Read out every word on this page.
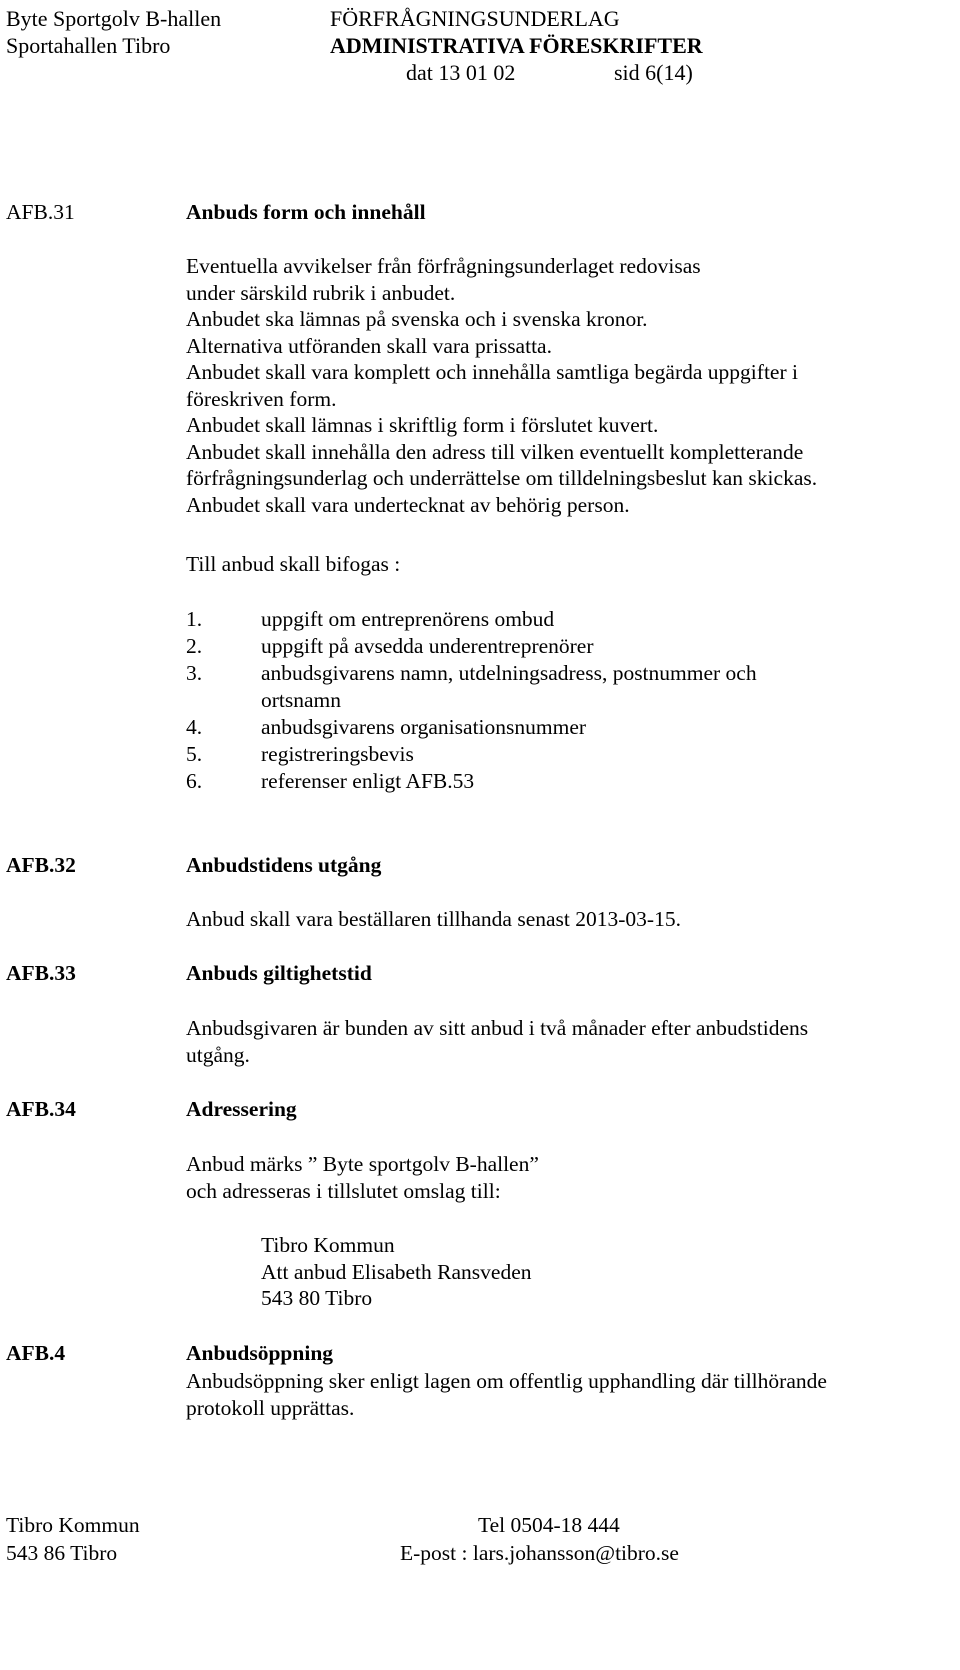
Byte Sportgolv B-hallen
Sportahallen Tibro
FÖRFRÅGNINGSUNDERLAG
ADMINISTRATIVA FÖRESKRIFTER
dat 13 01 02	sid 6(14)
AFB.31	Anbuds form och innehåll
Eventuella avvikelser från förfrågningsunderlaget redovisas
under särskild rubrik i anbudet.
Anbudet ska lämnas på svenska och i svenska kronor.
Alternativa utföranden skall vara prissatta.
Anbudet skall vara komplett och innehålla samtliga begärda uppgifter i
föreskriven form.
Anbudet skall lämnas i skriftlig form i förslutet kuvert.
Anbudet skall innehålla den adress till vilken eventuellt kompletterande
förfrågningsunderlag och underrättelse om tilldelningsbeslut kan skickas.
Anbudet skall vara undertecknat av behörig person.
Till anbud skall bifogas :
1.	uppgift om entreprenörens ombud
2.	uppgift på avsedda underentreprenörer
3.	anbudsgivarens namn, utdelningsadress, postnummer och
ortsnamn
4.	anbudsgivarens organisationsnummer
5.	registreringsbevis
6.	referenser enligt AFB.53
AFB.32	Anbudstidens utgång
Anbud skall vara beställaren tillhanda senast 2013-03-15.
AFB.33	Anbuds giltighetstid
Anbudsgivaren är bunden av sitt anbud i två månader efter anbudstidens
utgång.
AFB.34	Adressering
Anbud märks ” Byte sportgolv B-hallen”
och adresseras i tillslutet omslag till:
Tibro Kommun
Att anbud Elisabeth Ransveden
543 80 Tibro
AFB.4	Anbudsöppning
Anbudsöppning sker enligt lagen om offentlig upphandling där tillhörande
protokoll upprättas.
Tibro Kommun
543 86 Tibro
Tel 0504-18 444
E-post : lars.johansson@tibro.se
